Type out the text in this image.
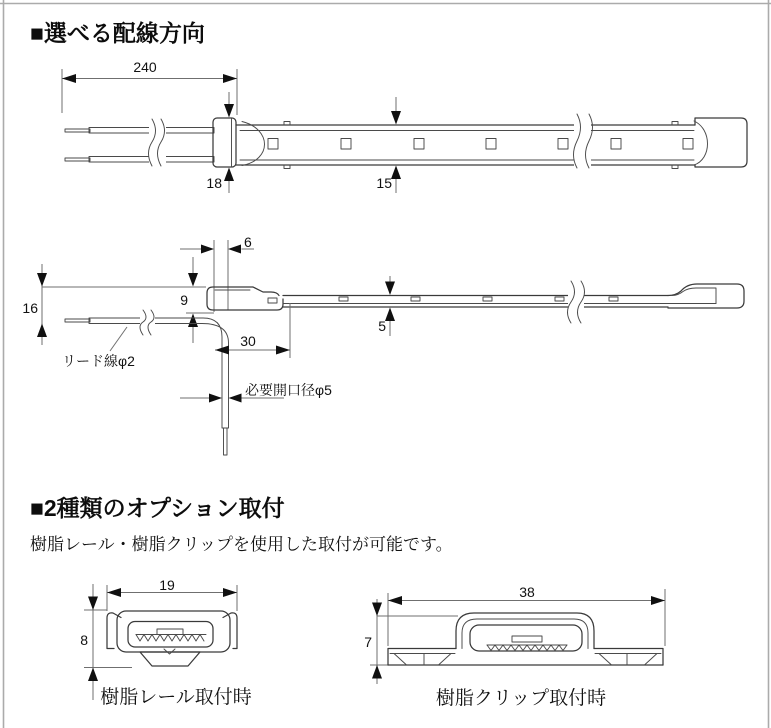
■選べる配線方向
240
18	15
6
16	9
リード線φ2
5
30
必要開口径φ5
■2種類のオプション取付
樹脂レール・樹脂クリップを使用した取付が可能です。
19
8
樹脂レール取付時
38
7
樹脂クリップ取付時
